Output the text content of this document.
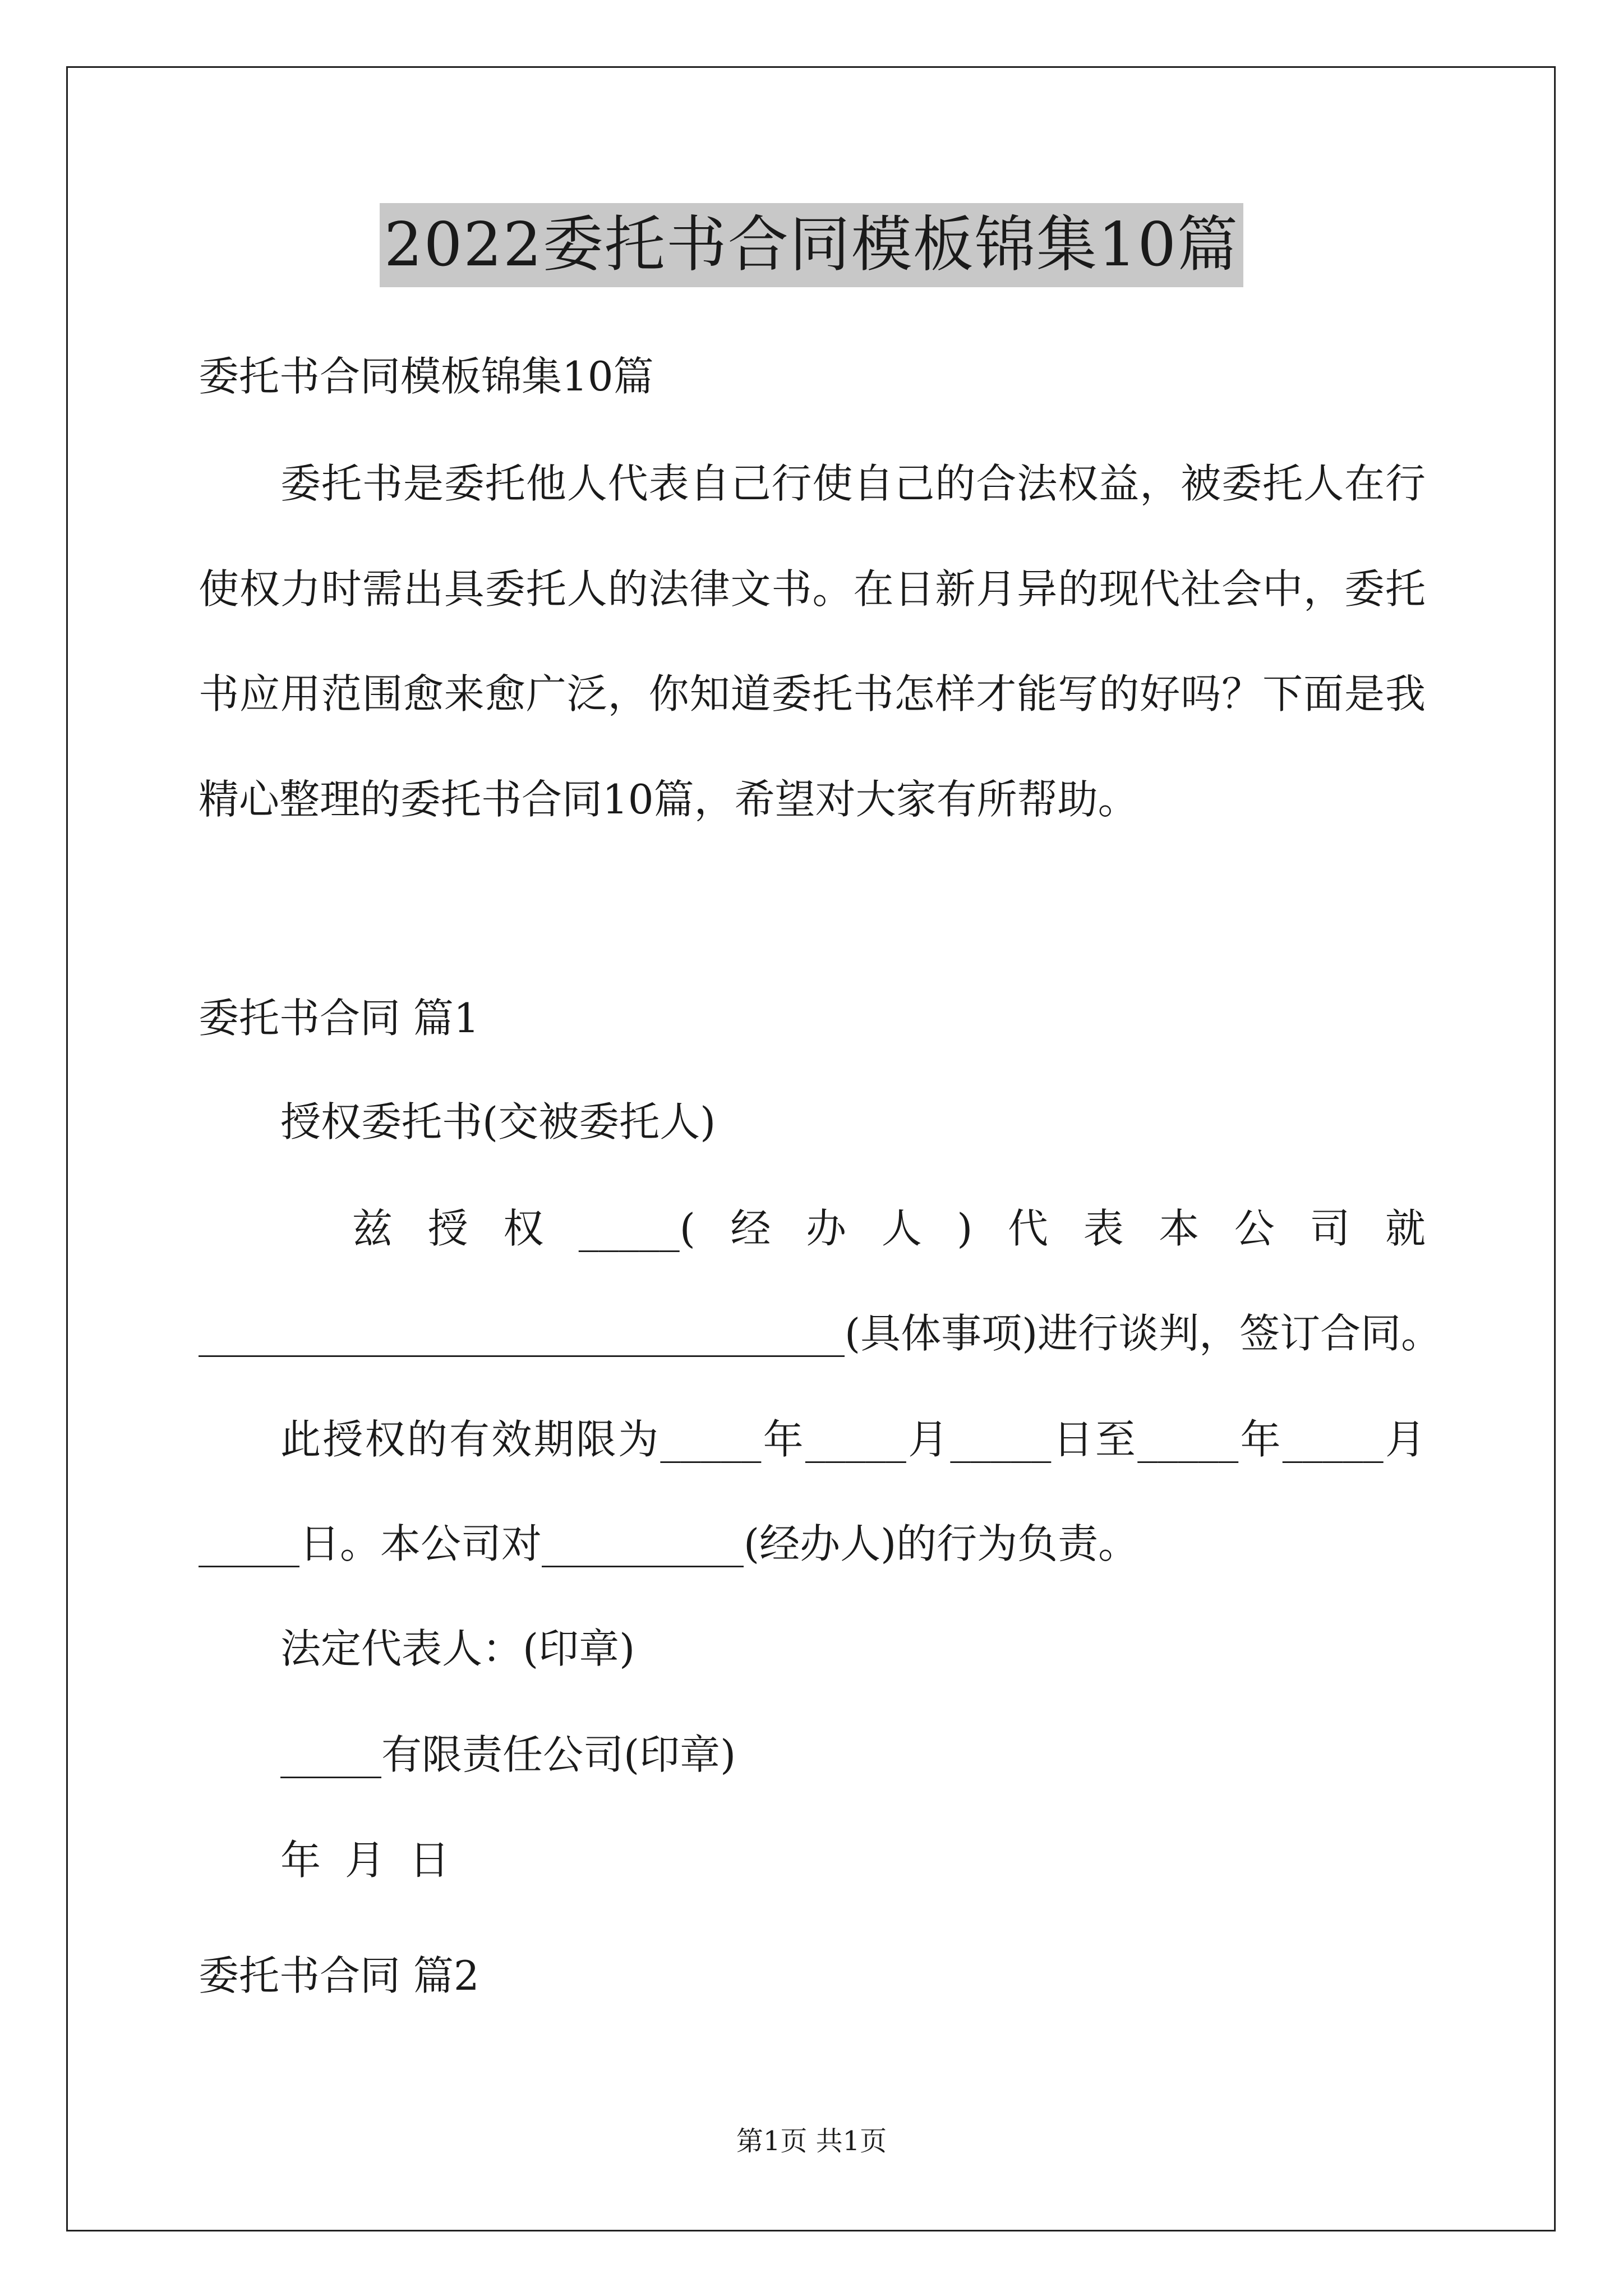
2022委托书合同模板锦集10篇
委托书合同模板锦集10篇
委托书是委托他人代表自己行使自己的合法权益，被委托人在行
使权力时需出具委托人的法律文书。在日新月异的现代社会中，委托
书应用范围愈来愈广泛，你知道委托书怎样才能写的好吗？下面是我
精心整理的委托书合同10篇，希望对大家有所帮助。
委托书合同 篇1
授权委托书(交被委托人)
兹授权_____(经办人)代表本公司就
________________________________(具体事项)进行谈判，签订合同。
此授权的有效期限为_____年_____月_____日至_____年_____月
_____日。本公司对__________(经办人)的行为负责。
法定代表人：(印章)
_____有限责任公司(印章)
年 月 日
委托书合同 篇2
第1页 共1页
